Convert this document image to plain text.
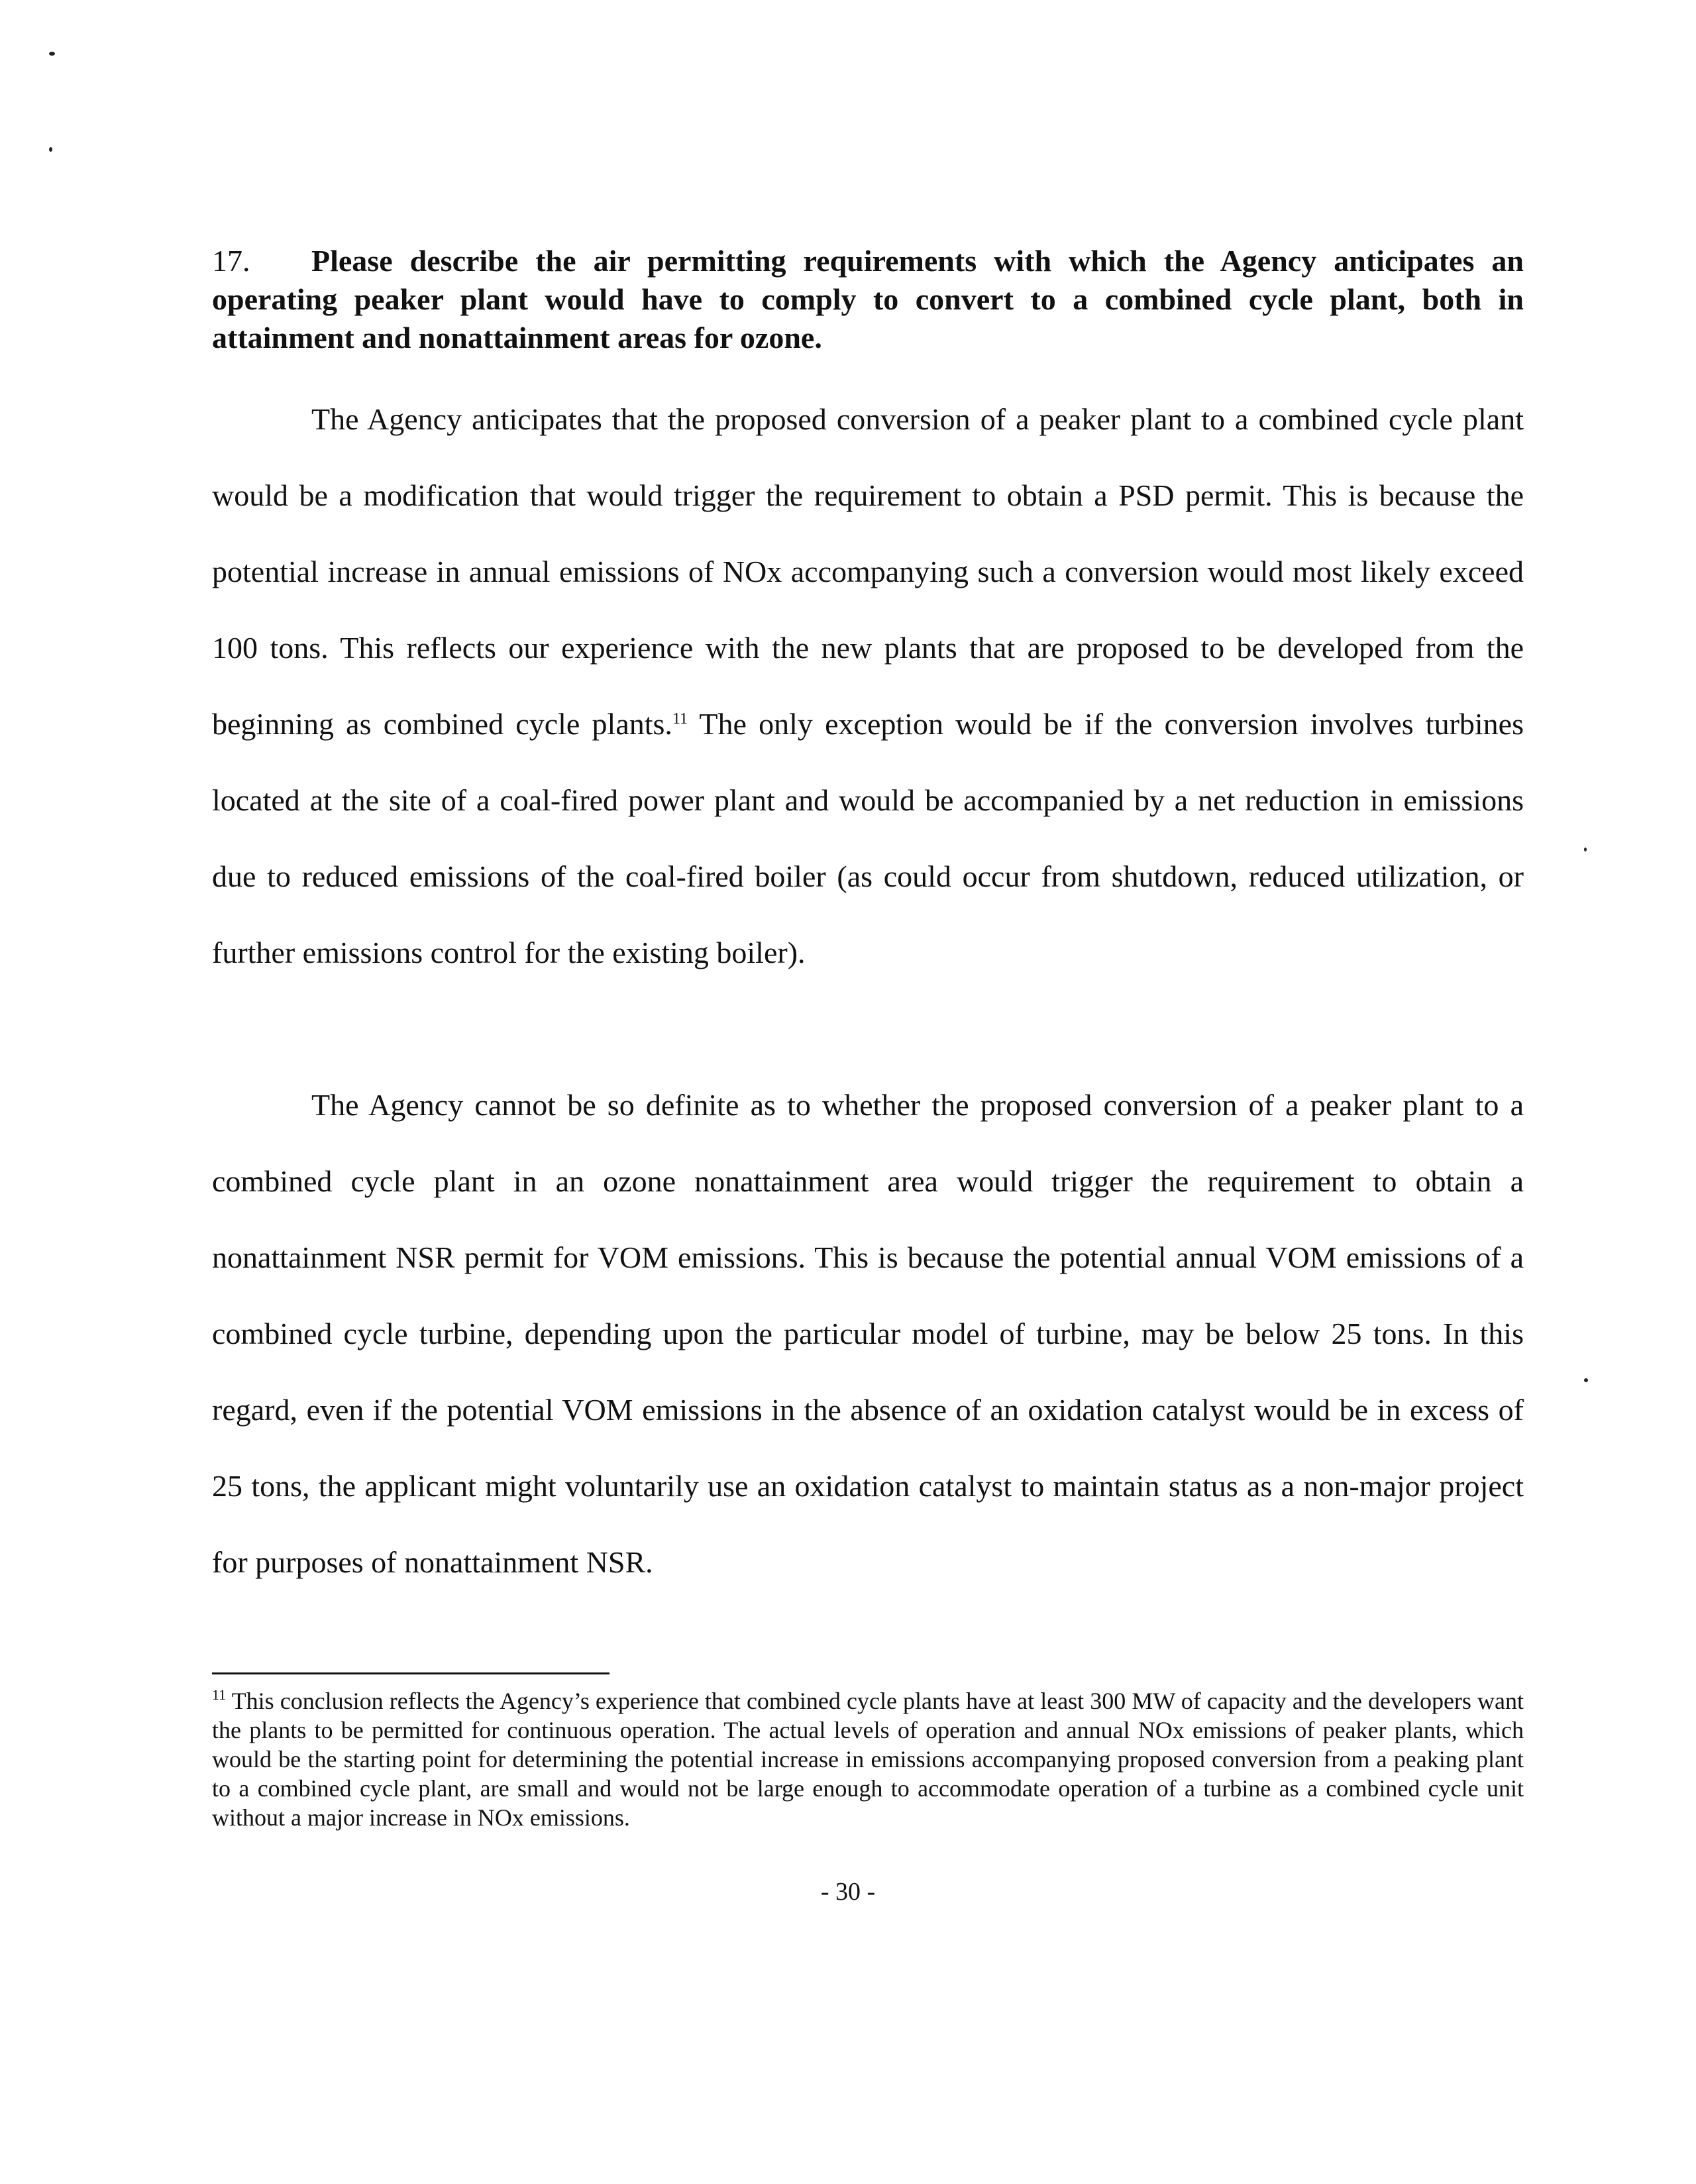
17. Please describe the air permitting requirements with which the Agency anticipates an operating peaker plant would have to comply to convert to a combined cycle plant, both in attainment and nonattainment areas for ozone.

The Agency anticipates that the proposed conversion of a peaker plant to a combined cycle plant would be a modification that would trigger the requirement to obtain a PSD permit. This is because the potential increase in annual emissions of NOx accompanying such a conversion would most likely exceed 100 tons. This reflects our experience with the new plants that are proposed to be developed from the beginning as combined cycle plants.$^{11}$ The only exception would be if the conversion involves turbines located at the site of a coal-fired power plant and would be accompanied by a net reduction in emissions due to reduced emissions of the coal-fired boiler (as could occur from shutdown, reduced utilization, or further emissions control for the existing boiler).

The Agency cannot be so definite as to whether the proposed conversion of a peaker plant to a combined cycle plant in an ozone nonattainment area would trigger the requirement to obtain a nonattainment NSR permit for VOM emissions. This is because the potential annual VOM emissions of a combined cycle turbine, depending upon the particular model of turbine, may be below 25 tons. In this regard, even if the potential VOM emissions in the absence of an oxidation catalyst would be in excess of 25 tons, the applicant might voluntarily use an oxidation catalyst to maintain status as a non-major project for purposes of nonattainment NSR.

$^{11}$ This conclusion reflects the Agency’s experience that combined cycle plants have at least 300 MW of capacity and the developers want the plants to be permitted for continuous operation. The actual levels of operation and annual NOx emissions of peaker plants, which would be the starting point for determining the potential increase in emissions accompanying proposed conversion from a peaking plant to a combined cycle plant, are small and would not be large enough to accommodate operation of a turbine as a combined cycle unit without a major increase in NOx emissions.

- 30 -
